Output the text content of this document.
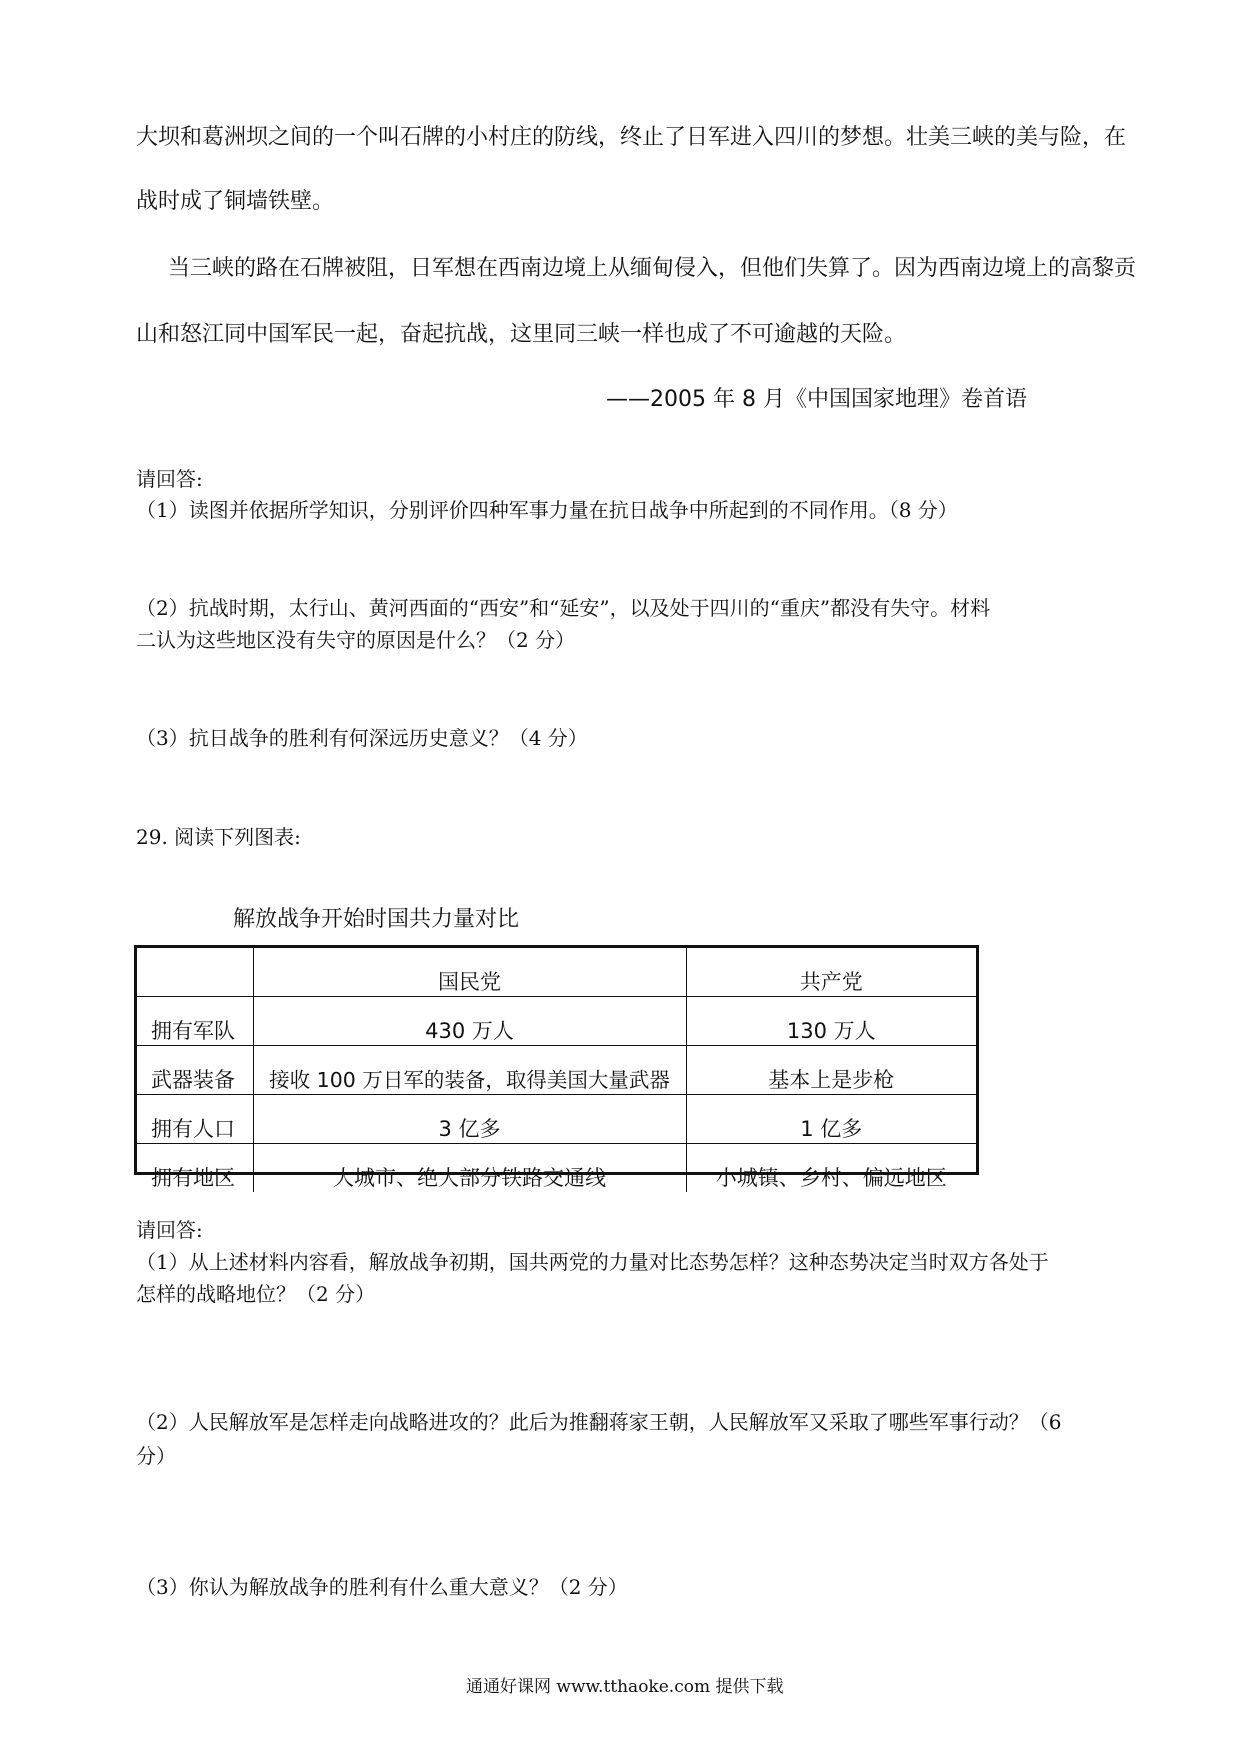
大坝和葛洲坝之间的一个叫石牌的小村庄的防线，终止了日军进入四川的梦想。壮美三峡的美与险，在
战时成了铜墙铁壁。
当三峡的路在石牌被阻，日军想在西南边境上从缅甸侵入，但他们失算了。因为西南边境上的高黎贡
山和怒江同中国军民一起，奋起抗战，这里同三峡一样也成了不可逾越的天险。
——2005 年 8 月《中国国家地理》卷首语
请回答:
（1）读图并依据所学知识，分别评价四种军事力量在抗日战争中所起到的不同作用。（8 分）
（2）抗战时期，太行山、黄河西面的“西安”和“延安”，以及处于四川的“重庆”都没有失守。材料
二认为这些地区没有失守的原因是什么？（2 分）
（3）抗日战争的胜利有何深远历史意义？（4 分）
29. 阅读下列图表:
解放战争开始时国共力量对比
	国民党	共产党
拥有军队	430 万人	130 万人
武器装备	接收 100 万日军的装备，取得美国大量武器	基本上是步枪
拥有人口	3 亿多	1 亿多
拥有地区	大城市、绝大部分铁路交通线	小城镇、乡村、偏远地区
请回答:
（1）从上述材料内容看，解放战争初期，国共两党的力量对比态势怎样？这种态势决定当时双方各处于
怎样的战略地位？（2 分）
（2）人民解放军是怎样走向战略进攻的？此后为推翻蒋家王朝，人民解放军又采取了哪些军事行动？（6
分）
（3）你认为解放战争的胜利有什么重大意义？（2 分）
通通好课网 www.tthaoke.com 提供下载
